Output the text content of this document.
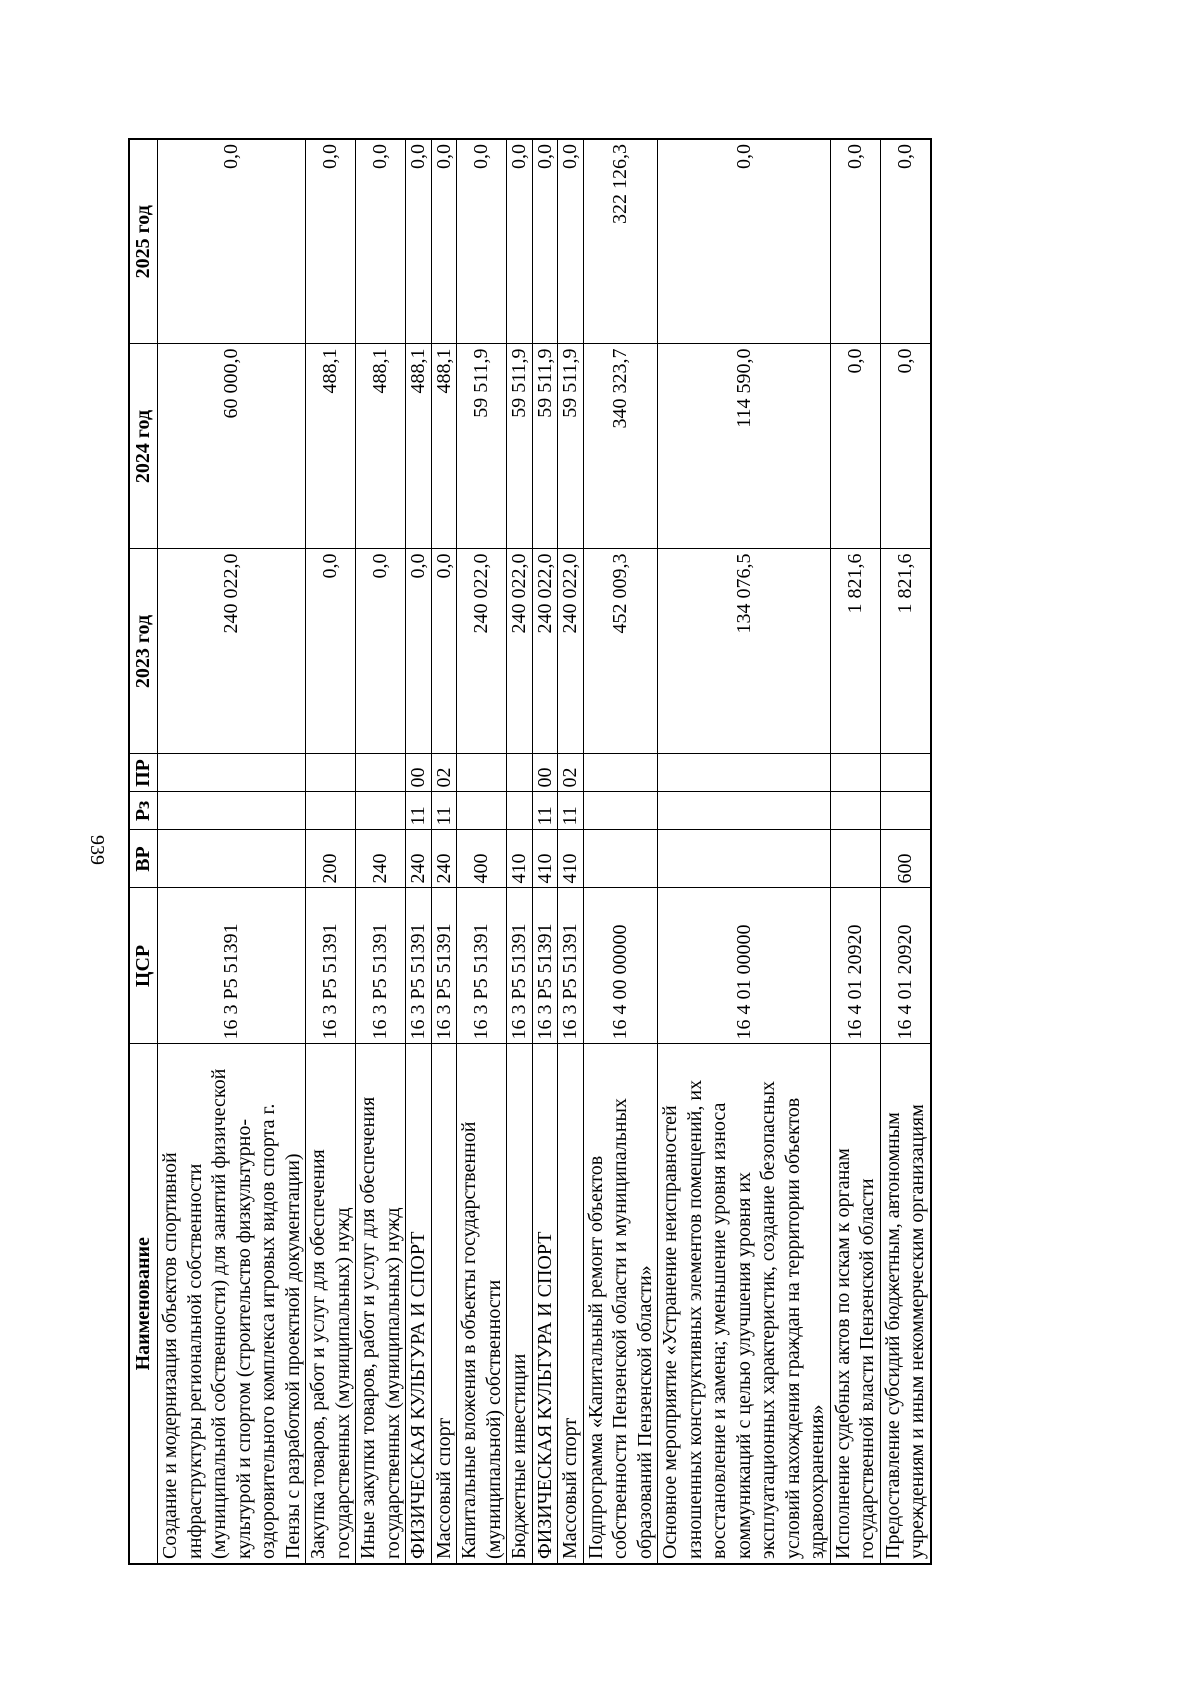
939
Наименование	ЦСР	ВР	Рз	ПР	2023 год	2024 год	2025 год
Создание и модернизация объектов спортивной инфраструктуры региональной собственности (муниципальной собственности) для занятий физической культурой и спортом (строительство физкультурно-оздоровительного комплекса игровых видов спорта г. Пензы с разработкой проектной документации)	16 3 P5 51391				240 022,0	60 000,0	0,0
Закупка товаров, работ и услуг для обеспечения государственных (муниципальных) нужд	16 3 P5 51391	200			0,0	488,1	0,0
Иные закупки товаров, работ и услуг для обеспечения государственных (муниципальных) нужд	16 3 P5 51391	240			0,0	488,1	0,0
ФИЗИЧЕСКАЯ КУЛЬТУРА И СПОРТ	16 3 P5 51391	240	11	00	0,0	488,1	0,0
Массовый спорт	16 3 P5 51391	240	11	02	0,0	488,1	0,0
Капитальные вложения в объекты государственной (муниципальной) собственности	16 3 P5 51391	400			240 022,0	59 511,9	0,0
Бюджетные инвестиции	16 3 P5 51391	410			240 022,0	59 511,9	0,0
ФИЗИЧЕСКАЯ КУЛЬТУРА И СПОРТ	16 3 P5 51391	410	11	00	240 022,0	59 511,9	0,0
Массовый спорт	16 3 P5 51391	410	11	02	240 022,0	59 511,9	0,0
Подпрограмма «Капитальный ремонт объектов собственности Пензенской области и муниципальных образований Пензенской области»	16 4 00 00000				452 009,3	340 323,7	322 126,3
Основное мероприятие «Устранение неисправностей изношенных конструктивных элементов помещений, их восстановление и замена; уменьшение уровня износа коммуникаций с целью улучшения уровня их эксплуатационных характеристик, создание безопасных условий нахождения граждан на территории объектов здравоохранения»	16 4 01 00000				134 076,5	114 590,0	0,0
Исполнение судебных актов по искам к органам государственной власти Пензенской области	16 4 01 20920				1 821,6	0,0	0,0
Предоставление субсидий бюджетным, автономным учреждениям и иным некоммерческим организациям	16 4 01 20920	600			1 821,6	0,0	0,0
